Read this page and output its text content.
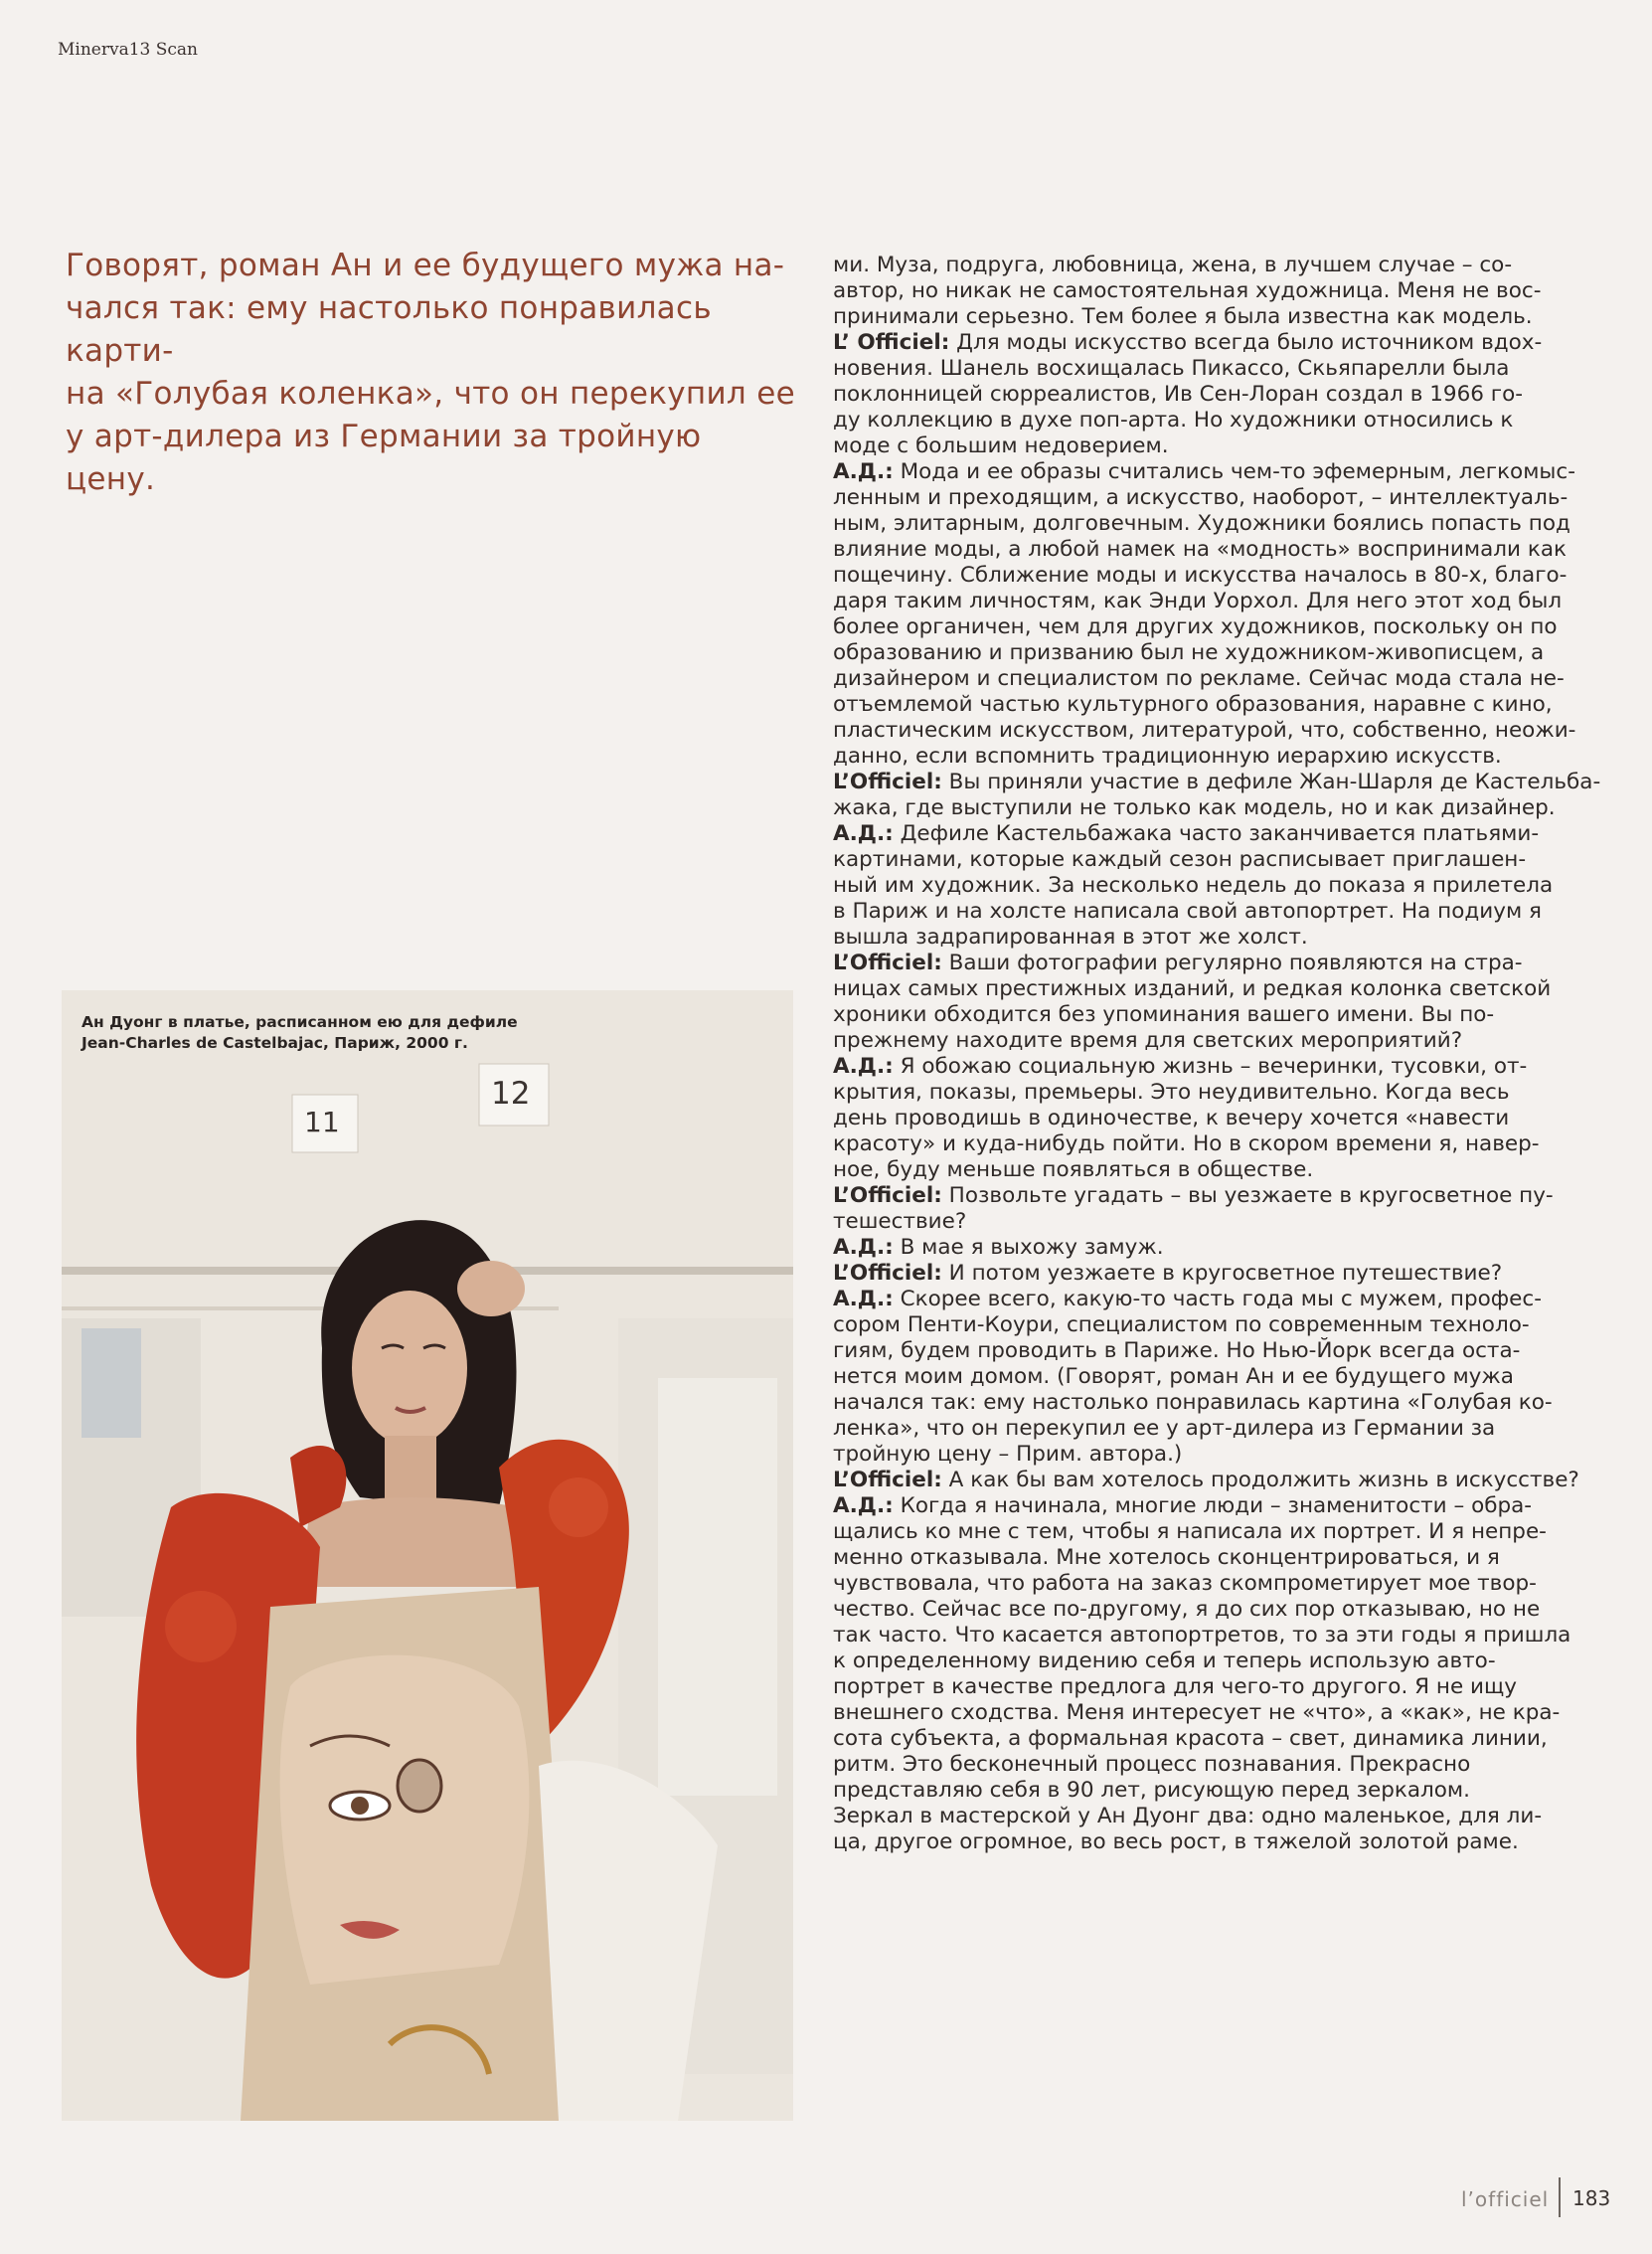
Minerva13 Scan
Говорят, роман Ан и ее будущего мужа на-
чался так: ему настолько понравилась карти-
на «Голубая коленка», что он перекупил ее
у арт-дилера из Германии за тройную цену.
Ан Дуонг в платье, расписанном ею для дефиле
Jean-Charles de Castelbajac, Париж, 2000 г.
11
12
ми. Муза, подруга, любовница, жена, в лучшем случае – со-
автор, но никак не самостоятельная художница. Меня не вос-
принимали серьезно. Тем более я была известна как модель.
L’ Officiel: Для моды искусство всегда было источником вдох-
новения. Шанель восхищалась Пикассо, Скьяпарелли была
поклонницей сюрреалистов, Ив Сен-Лоран создал в 1966 го-
ду коллекцию в духе поп-арта. Но художники относились к
моде с большим недоверием.
А.Д.: Мода и ее образы считались чем-то эфемерным, легкомыс-
ленным и преходящим, а искусство, наоборот, – интеллектуаль-
ным, элитарным, долговечным. Художники боялись попасть под
влияние моды, а любой намек на «модность» воспринимали как
пощечину. Сближение моды и искусства началось в 80-х, благо-
даря таким личностям, как Энди Уорхол. Для него этот ход был
более органичен, чем для других художников, поскольку он по
образованию и призванию был не художником-живописцем, а
дизайнером и специалистом по рекламе. Сейчас мода стала не-
отъемлемой частью культурного образования, наравне с кино,
пластическим искусством, литературой, что, собственно, неожи-
данно, если вспомнить традиционную иерархию искусств.
L’Officiel: Вы приняли участие в дефиле Жан-Шарля де Кастельба-
жака, где выступили не только как модель, но и как дизайнер.
А.Д.: Дефиле Кастельбажака часто заканчивается платьями-
картинами, которые каждый сезон расписывает приглашен-
ный им художник. За несколько недель до показа я прилетела
в Париж и на холсте написала свой автопортрет. На подиум я
вышла задрапированная в этот же холст.
L’Officiel: Ваши фотографии регулярно появляются на стра-
ницах самых престижных изданий, и редкая колонка светской
хроники обходится без упоминания вашего имени. Вы по-
прежнему находите время для светских мероприятий?
А.Д.: Я обожаю социальную жизнь – вечеринки, тусовки, от-
крытия, показы, премьеры. Это неудивительно. Когда весь
день проводишь в одиночестве, к вечеру хочется «навести
красоту» и куда-нибудь пойти. Но в скором времени я, навер-
ное, буду меньше появляться в обществе.
L’Officiel: Позвольте угадать – вы уезжаете в кругосветное пу-
тешествие?
А.Д.: В мае я выхожу замуж.
L’Officiel: И потом уезжаете в кругосветное путешествие?
А.Д.: Скорее всего, какую-то часть года мы с мужем, профес-
сором Пенти-Коури, специалистом по современным техноло-
гиям, будем проводить в Париже. Но Нью-Йорк всегда оста-
нется моим домом. (Говорят, роман Ан и ее будущего мужа
начался так: ему настолько понравилась картина «Голубая ко-
ленка», что он перекупил ее у арт-дилера из Германии за
тройную цену – Прим. автора.)
L’Officiel: А как бы вам хотелось продолжить жизнь в искусстве?
А.Д.: Когда я начинала, многие люди – знаменитости – обра-
щались ко мне с тем, чтобы я написала их портрет. И я непре-
менно отказывала. Мне хотелось сконцентрироваться, и я
чувствовала, что работа на заказ скомпрометирует мое твор-
чество. Сейчас все по-другому, я до сих пор отказываю, но не
так часто. Что касается автопортретов, то за эти годы я пришла
к определенному видению себя и теперь использую авто-
портрет в качестве предлога для чего-то другого. Я не ищу
внешнего сходства. Меня интересует не «что», а «как», не кра-
сота субъекта, а формальная красота – свет, динамика линии,
ритм. Это бесконечный процесс познавания. Прекрасно
представляю себя в 90 лет, рисующую перед зеркалом.
Зеркал в мастерской у Ан Дуонг два: одно маленькое, для ли-
ца, другое огромное, во весь рост, в тяжелой золотой раме.
l’officiel 183
